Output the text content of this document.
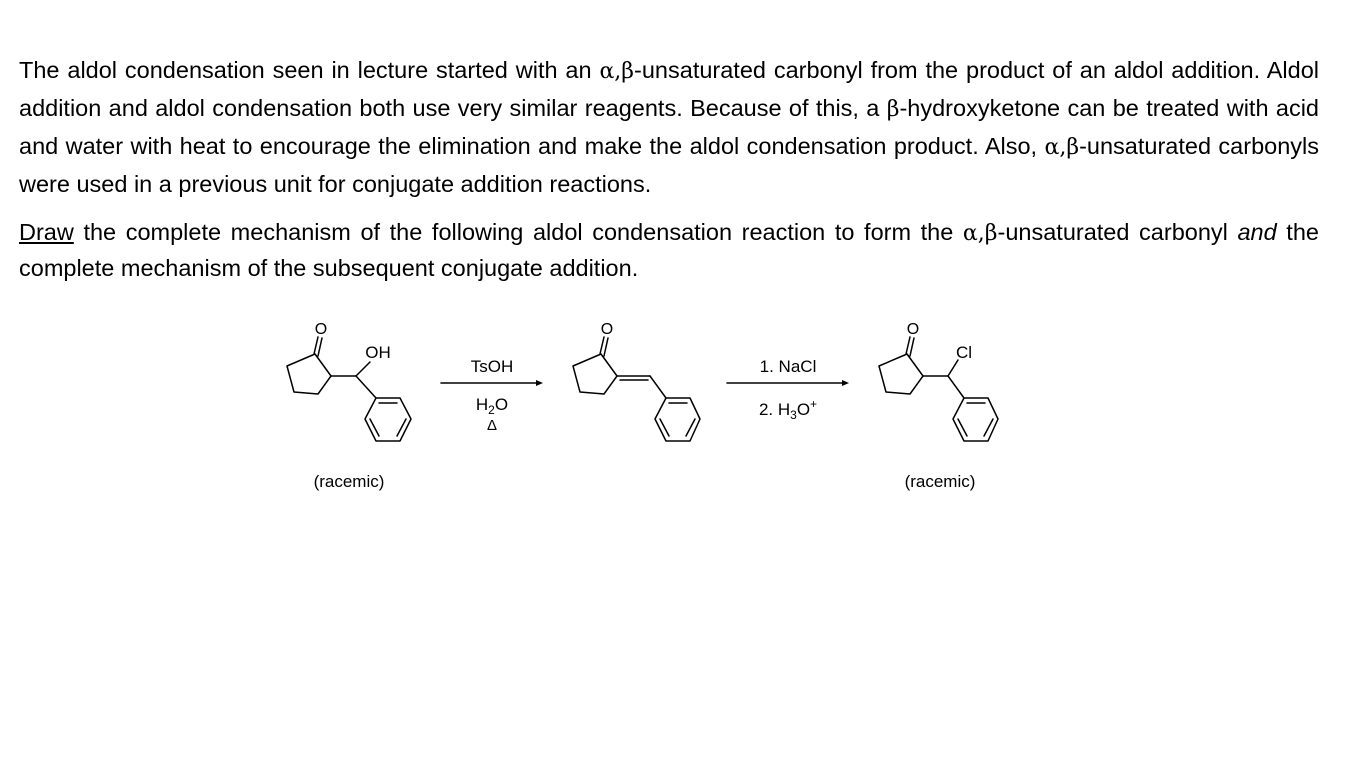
The aldol condensation seen in lecture started with an α,β-unsaturated carbonyl from the product of an aldol addition. Aldol addition and aldol condensation both use very similar reagents. Because of this, a β-hydroxyketone can be treated with acid and water with heat to encourage the elimination and make the aldol condensation product. Also, α,β-unsaturated carbonyls were used in a previous unit for conjugate addition reactions.
Draw the complete mechanism of the following aldol condensation reaction to form the α,β-unsaturated carbonyl and the complete mechanism of the subsequent conjugate addition.
O
OH
(racemic)
TsOH
$H_2O$
Δ
O
1. NaCl
2. $H_3O^+$
O
Cl
(racemic)
